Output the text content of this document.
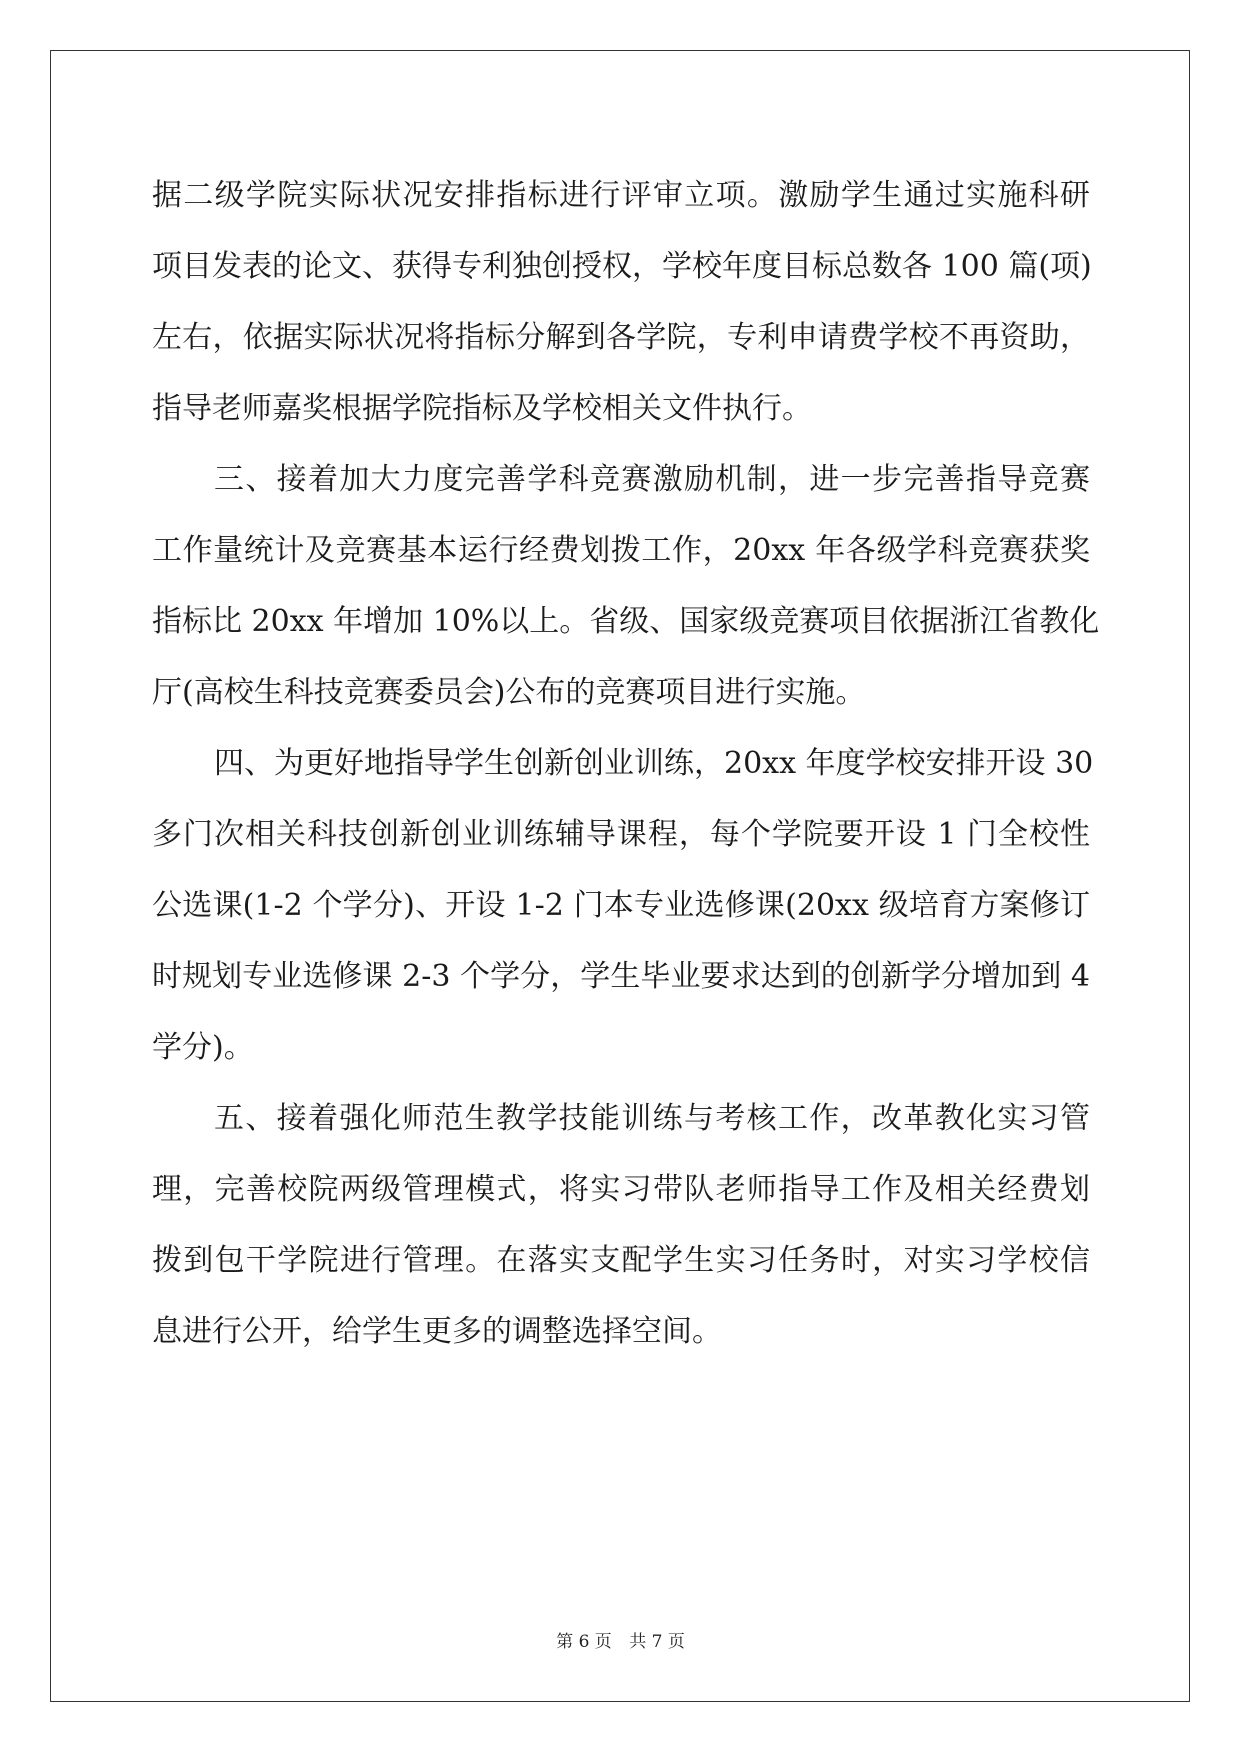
据二级学院实际状况安排指标进行评审立项。激励学生通过实施科研
项目发表的论文、获得专利独创授权，学校年度目标总数各 100 篇(项)
左右，依据实际状况将指标分解到各学院，专利申请费学校不再资助，
指导老师嘉奖根据学院指标及学校相关文件执行。
三、接着加大力度完善学科竞赛激励机制，进一步完善指导竞赛
工作量统计及竞赛基本运行经费划拨工作，20xx 年各级学科竞赛获奖
指标比 20xx 年增加 10%以上。省级、国家级竞赛项目依据浙江省教化
厅(高校生科技竞赛委员会)公布的竞赛项目进行实施。
四、为更好地指导学生创新创业训练，20xx 年度学校安排开设 30
多门次相关科技创新创业训练辅导课程，每个学院要开设 1 门全校性
公选课(1-2 个学分)、开设 1-2 门本专业选修课(20xx 级培育方案修订
时规划专业选修课 2-3 个学分，学生毕业要求达到的创新学分增加到 4
学分)。
五、接着强化师范生教学技能训练与考核工作，改革教化实习管
理，完善校院两级管理模式，将实习带队老师指导工作及相关经费划
拨到包干学院进行管理。在落实支配学生实习任务时，对实习学校信
息进行公开，给学生更多的调整选择空间。
第 6 页 共 7 页
